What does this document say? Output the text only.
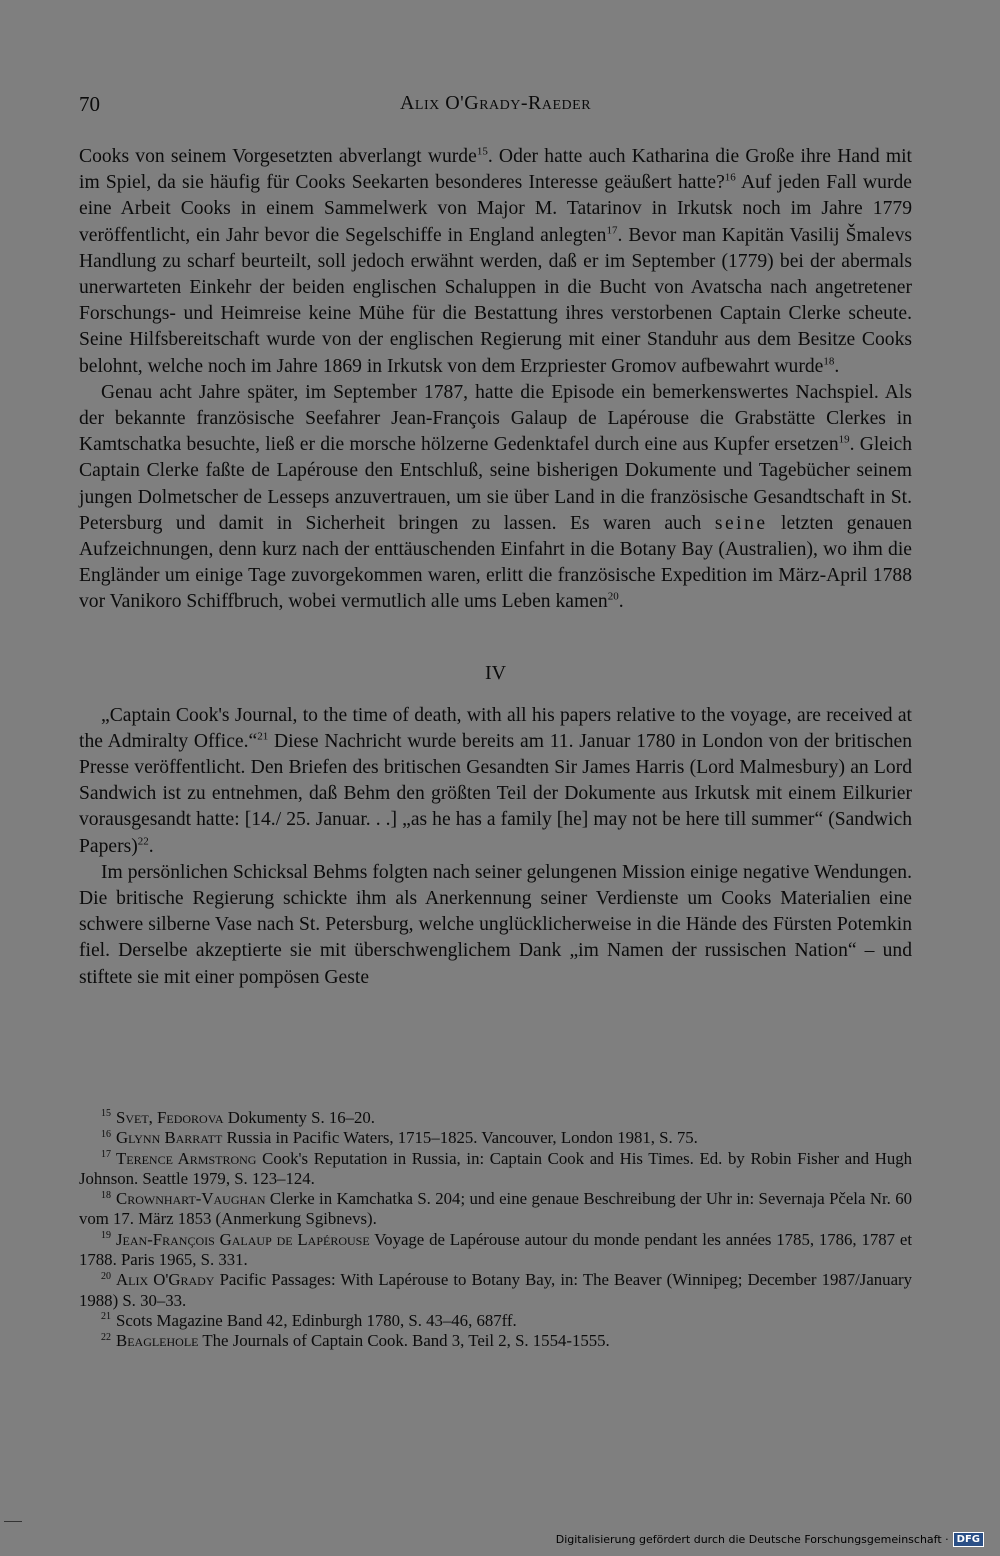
70	Alix O'Grady-Raeder

Cooks von seinem Vorgesetzten abverlangt wurde$^{15}$. Oder hatte auch Katharina die Große ihre Hand mit im Spiel, da sie häufig für Cooks Seekarten besonderes Interesse geäußert hatte?$^{16}$ Auf jeden Fall wurde eine Arbeit Cooks in einem Sammelwerk von Major M. Tatarinov in Irkutsk noch im Jahre 1779 veröffentlicht, ein Jahr bevor die Segelschiffe in England anlegten$^{17}$. Bevor man Kapitän Vasilij Šmalevs Handlung zu scharf beurteilt, soll jedoch erwähnt werden, daß er im September (1779) bei der abermals unerwarteten Einkehr der beiden englischen Schaluppen in die Bucht von Avatscha nach angetretener Forschungs- und Heimreise keine Mühe für die Bestattung ihres verstorbenen Captain Clerke scheute. Seine Hilfsbereitschaft wurde von der englischen Regierung mit einer Standuhr aus dem Besitze Cooks belohnt, welche noch im Jahre 1869 in Irkutsk von dem Erzpriester Gromov aufbewahrt wurde$^{18}$.

Genau acht Jahre später, im September 1787, hatte die Episode ein bemerkenswertes Nachspiel. Als der bekannte französische Seefahrer Jean-François Galaup de Lapérouse die Grabstätte Clerkes in Kamtschatka besuchte, ließ er die morsche hölzerne Gedenktafel durch eine aus Kupfer ersetzen$^{19}$. Gleich Captain Clerke faßte de Lapérouse den Entschluß, seine bisherigen Dokumente und Tagebücher seinem jungen Dolmetscher de Lesseps anzuvertrauen, um sie über Land in die französische Gesandtschaft in St. Petersburg und damit in Sicherheit bringen zu lassen. Es waren auch seine letzten genauen Aufzeichnungen, denn kurz nach der enttäuschenden Einfahrt in die Botany Bay (Australien), wo ihm die Engländer um einige Tage zuvorgekommen waren, erlitt die französische Expedition im März-April 1788 vor Vanikoro Schiffbruch, wobei vermutlich alle ums Leben kamen$^{20}$.

IV

„Captain Cook's Journal, to the time of death, with all his papers relative to the voyage, are received at the Admiralty Office.“$^{21}$ Diese Nachricht wurde bereits am 11. Januar 1780 in London von der britischen Presse veröffentlicht. Den Briefen des britischen Gesandten Sir James Harris (Lord Malmesbury) an Lord Sandwich ist zu entnehmen, daß Behm den größten Teil der Dokumente aus Irkutsk mit einem Eilkurier vorausgesandt hatte: [14./ 25. Januar. . .] „as he has a family [he] may not be here till summer“ (Sandwich Papers)$^{22}$.

Im persönlichen Schicksal Behms folgten nach seiner gelungenen Mission einige negative Wendungen. Die britische Regierung schickte ihm als Anerkennung seiner Verdienste um Cooks Materialien eine schwere silberne Vase nach St. Petersburg, welche unglücklicherweise in die Hände des Fürsten Potemkin fiel. Derselbe akzeptierte sie mit überschwenglichem Dank „im Namen der russischen Nation“ – und stiftete sie mit einer pompösen Geste

$^{15}$ Svet, Fedorova Dokumenty S. 16–20.

$^{16}$ Glynn Barratt Russia in Pacific Waters, 1715–1825. Vancouver, London 1981, S. 75.

$^{17}$ Terence Armstrong Cook's Reputation in Russia, in: Captain Cook and His Times. Ed. by Robin Fisher and Hugh Johnson. Seattle 1979, S. 123–124.

$^{18}$ Crownhart-Vaughan Clerke in Kamchatka S. 204; und eine genaue Beschreibung der Uhr in: Severnaja Pčela Nr. 60 vom 17. März 1853 (Anmerkung Sgibnevs).

$^{19}$ Jean-François Galaup de Lapérouse Voyage de Lapérouse autour du monde pendant les années 1785, 1786, 1787 et 1788. Paris 1965, S. 331.

$^{20}$ Alix O'Grady Pacific Passages: With Lapérouse to Botany Bay, in: The Beaver (Winnipeg; December 1987/January 1988) S. 30–33.

$^{21}$ Scots Magazine Band 42, Edinburgh 1780, S. 43–46, 687ff.

$^{22}$ Beaglehole The Journals of Captain Cook. Band 3, Teil 2, S. 1554-1555.

Digitalisierung gefördert durch die Deutsche Forschungsgemeinschaft · DFG
